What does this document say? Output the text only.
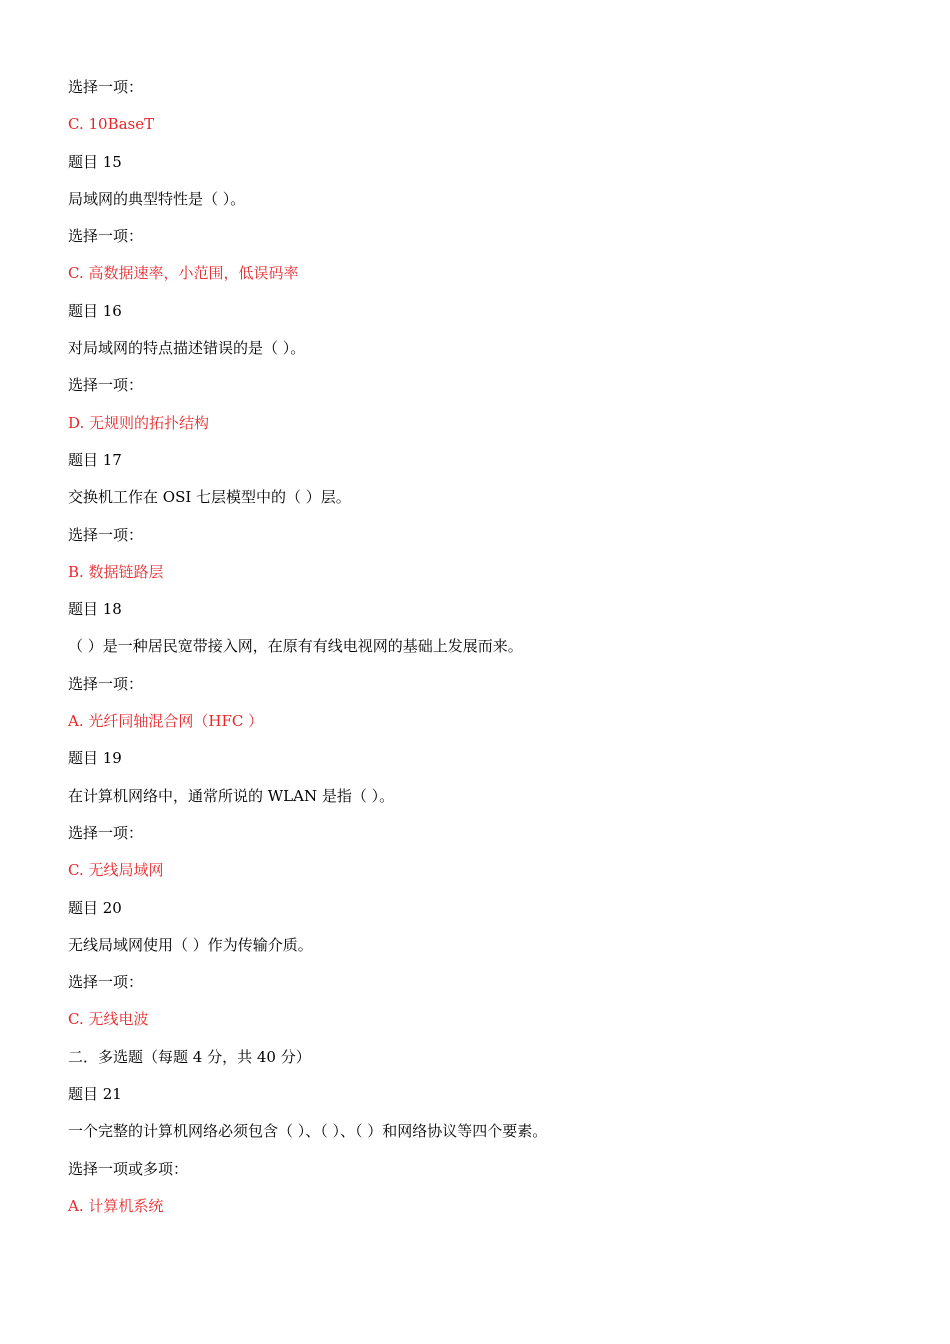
选择一项：
C. 10BaseT
题目 15
局域网的典型特性是（ ）。
选择一项：
C. 高数据速率，小范围，低误码率
题目 16
对局域网的特点描述错误的是（ ）。
选择一项：
D. 无规则的拓扑结构
题目 17
交换机工作在 OSI 七层模型中的（ ）层。
选择一项：
B. 数据链路层
题目 18
（ ）是一种居民宽带接入网，在原有有线电视网的基础上发展而来。
选择一项：
A. 光纤同轴混合网（HFC ）
题目 19
在计算机网络中，通常所说的 WLAN 是指（ ）。
选择一项：
C. 无线局域网
题目 20
无线局域网使用（ ）作为传输介质。
选择一项：
C. 无线电波
二．多选题（每题 4 分，共 40 分）
题目 21
一个完整的计算机网络必须包含（ ）、（ ）、（ ）和网络协议等四个要素。
选择一项或多项：
A. 计算机系统
